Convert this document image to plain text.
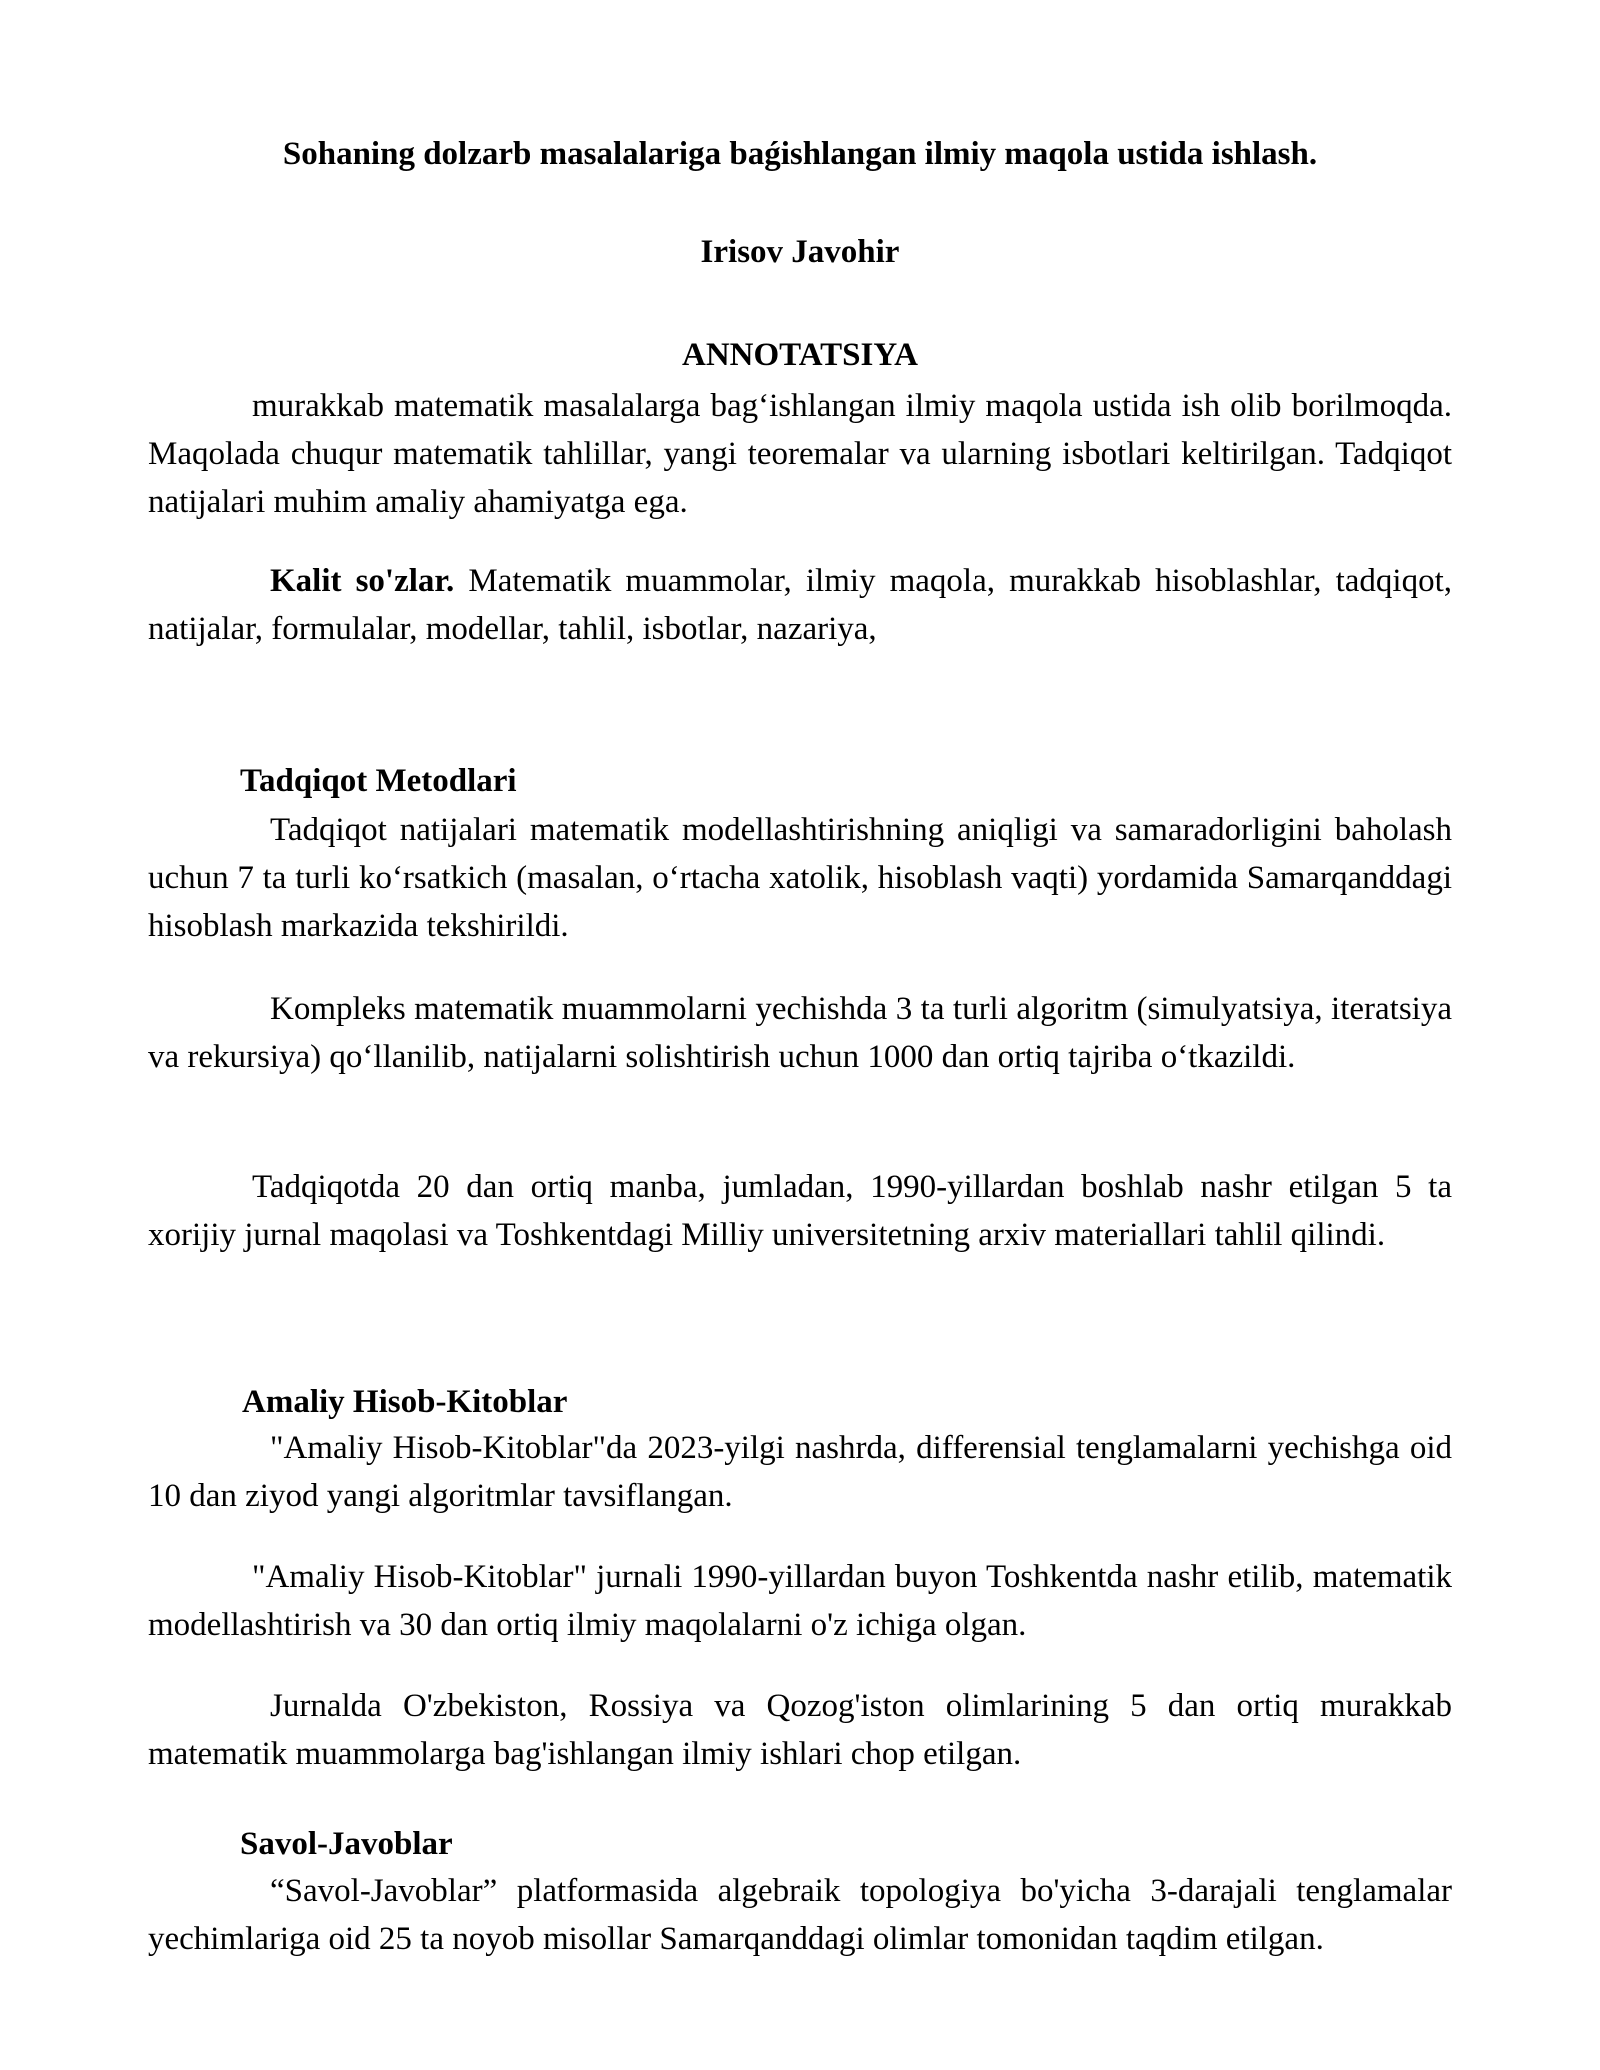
Sohaning dolzarb masalalariga baǵishlangan ilmiy maqola ustida ishlash.
Irisov Javohir
ANNOTATSIYA

murakkab matematik masalalarga bag‘ishlangan ilmiy maqola ustida ish olib borilmoqda. Maqolada chuqur matematik tahlillar, yangi teoremalar va ularning isbotlari keltirilgan. Tadqiqot natijalari muhim amaliy ahamiyatga ega.

Kalit so'zlar. Matematik muammolar, ilmiy maqola, murakkab hisoblashlar, tadqiqot, natijalar, formulalar, modellar, tahlil, isbotlar, nazariya,

Tadqiqot Metodlari

Tadqiqot natijalari matematik modellashtirishning aniqligi va samaradorligini baholash uchun 7 ta turli ko‘rsatkich (masalan, o‘rtacha xatolik, hisoblash vaqti) yordamida Samarqanddagi hisoblash markazida tekshirildi.

Kompleks matematik muammolarni yechishda 3 ta turli algoritm (simulyatsiya, iteratsiya va rekursiya) qo‘llanilib, natijalarni solishtirish uchun 1000 dan ortiq tajriba o‘tkazildi.

Tadqiqotda 20 dan ortiq manba, jumladan, 1990-yillardan boshlab nashr etilgan 5 ta xorijiy jurnal maqolasi va Toshkentdagi Milliy universitetning arxiv materiallari tahlil qilindi.

Amaliy Hisob-Kitoblar

"Amaliy Hisob-Kitoblar"da 2023-yilgi nashrda, differensial tenglamalarni yechishga oid 10 dan ziyod yangi algoritmlar tavsiflangan.

"Amaliy Hisob-Kitoblar" jurnali 1990-yillardan buyon Toshkentda nashr etilib, matematik modellashtirish va 30 dan ortiq ilmiy maqolalarni o'z ichiga olgan.

Jurnalda O'zbekiston, Rossiya va Qozog'iston olimlarining 5 dan ortiq murakkab matematik muammolarga bag'ishlangan ilmiy ishlari chop etilgan.

Savol-Javoblar

“Savol-Javoblar” platformasida algebraik topologiya bo'yicha 3-darajali tenglamalar yechimlariga oid 25 ta noyob misollar Samarqanddagi olimlar tomonidan taqdim etilgan.
